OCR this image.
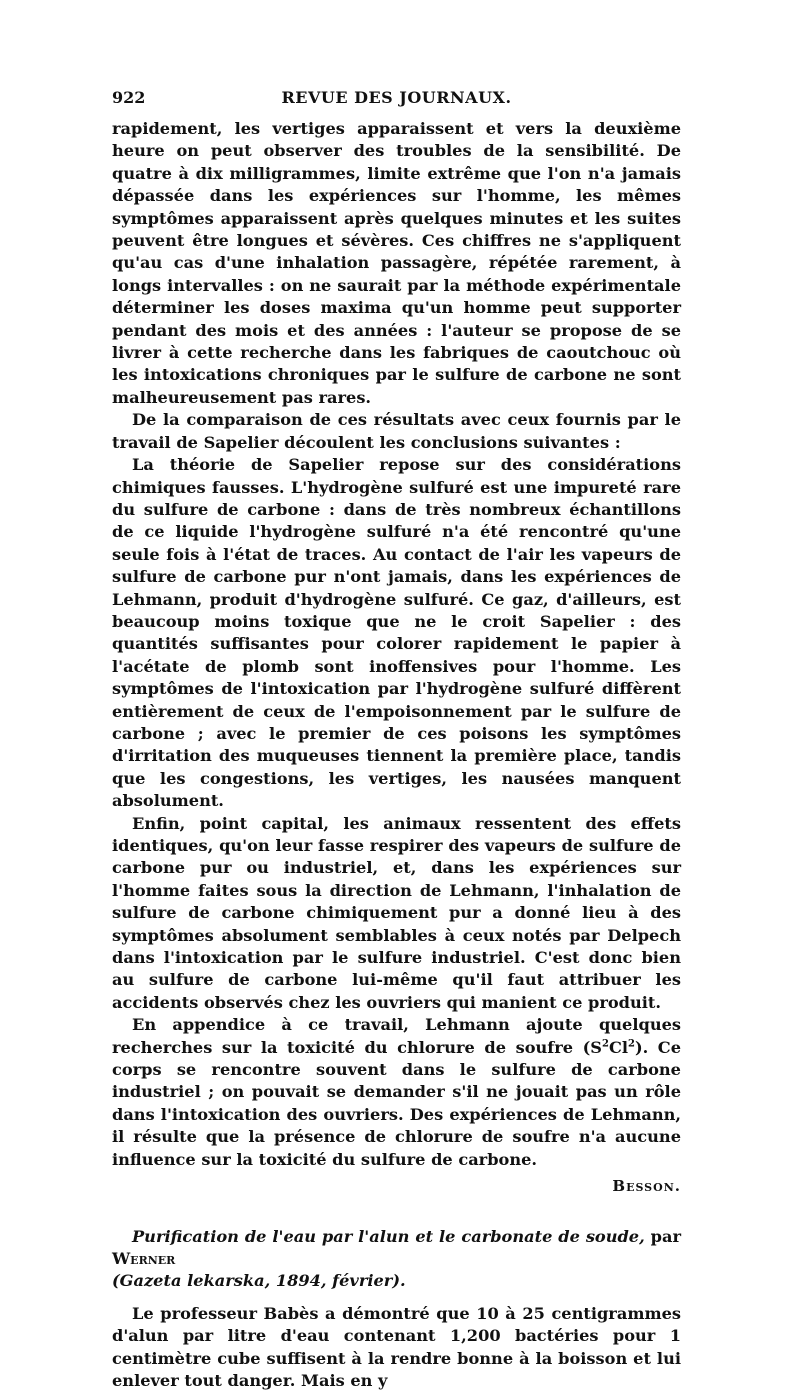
922	REVUE DES JOURNAUX.

rapidement, les vertiges apparaissent et vers la deuxième heure on peut observer des troubles de la sensibilité. De quatre à dix milligrammes, limite extrême que l'on n'a jamais dépassée dans les expériences sur l'homme, les mêmes symptômes apparaissent après quelques minutes et les suites peuvent être longues et sévères. Ces chiffres ne s'appliquent qu'au cas d'une inhalation passagère, répétée rarement, à longs intervalles : on ne saurait par la méthode expérimentale déterminer les doses maxima qu'un homme peut supporter pendant des mois et des années : l'auteur se propose de se livrer à cette recherche dans les fabriques de caoutchouc où les intoxications chroniques par le sulfure de carbone ne sont malheureusement pas rares.

De la comparaison de ces résultats avec ceux fournis par le travail de Sapelier découlent les conclusions suivantes :

La théorie de Sapelier repose sur des considérations chimiques fausses. L'hydrogène sulfuré est une impureté rare du sulfure de carbone : dans de très nombreux échantillons de ce liquide l'hydrogène sulfuré n'a été rencontré qu'une seule fois à l'état de traces. Au contact de l'air les vapeurs de sulfure de carbone pur n'ont jamais, dans les expériences de Lehmann, produit d'hydrogène sulfuré. Ce gaz, d'ailleurs, est beaucoup moins toxique que ne le croit Sapelier : des quantités suffisantes pour colorer rapidement le papier à l'acétate de plomb sont inoffensives pour l'homme. Les symptômes de l'intoxication par l'hydrogène sulfuré diffèrent entièrement de ceux de l'empoisonnement par le sulfure de carbone ; avec le premier de ces poisons les symptômes d'irritation des muqueuses tiennent la première place, tandis que les congestions, les vertiges, les nausées manquent absolument.

Enfin, point capital, les animaux ressentent des effets identiques, qu'on leur fasse respirer des vapeurs de sulfure de carbone pur ou industriel, et, dans les expériences sur l'homme faites sous la direction de Lehmann, l'inhalation de sulfure de carbone chimiquement pur a donné lieu à des symptômes absolument semblables à ceux notés par Delpech dans l'intoxication par le sulfure industriel. C'est donc bien au sulfure de carbone lui-même qu'il faut attribuer les accidents observés chez les ouvriers qui manient ce produit.

En appendice à ce travail, Lehmann ajoute quelques recherches sur la toxicité du chlorure de soufre $(S^2Cl^2)$. Ce corps se rencontre souvent dans le sulfure de carbone industriel ; on pouvait se demander s'il ne jouait pas un rôle dans l'intoxication des ouvriers. Des expériences de Lehmann, il résulte que la présence de chlorure de soufre n'a aucune influence sur la toxicité du sulfure de carbone.

Besson.

Purification de l'eau par l'alun et le carbonate de soude, par Werner
(Gazeta lekarska, 1894, février).

Le professeur Babès a démontré que 10 à 25 centigrammes d'alun par litre d'eau contenant 1,200 bactéries pour 1 centimètre cube suffisent à la rendre bonne à la boisson et lui enlever tout danger. Mais en y
